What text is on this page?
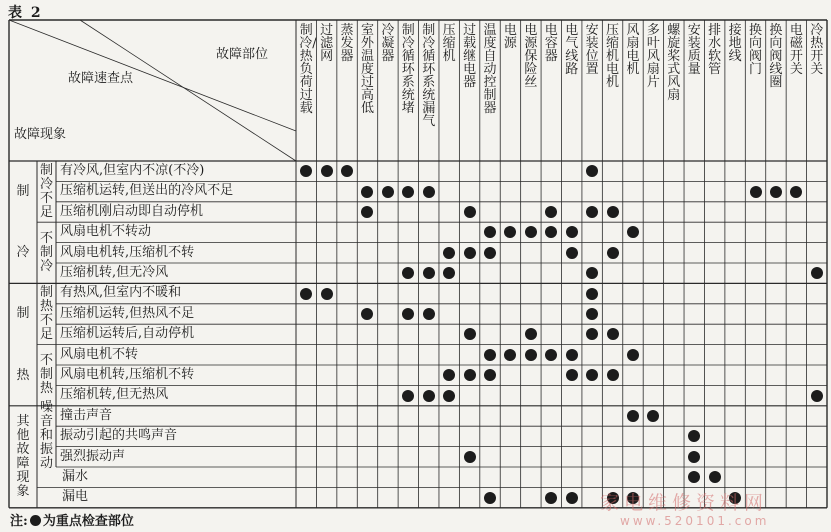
表 2
故障部位
故障速查点
故障现象
制冷/热负荷过载
过滤网
蒸发器
室外温度过高低
冷凝器
制冷循环系统堵
制冷循环系统漏气
压缩机
过载继电器
温度自动控制器
电源
电源保险丝
电容器
电气线路
安装位置
压缩机电机
风扇电机
多叶风扇片
螺旋桨式风扇
安装质量
排水软管
接地线
换向阀门
换向阀线圈
电磁开关
冷热开关
制冷
制热
其他故障现象
制冷不足
不制冷
制热不足
不制热
噪音和振动
有冷风,但室内不凉(不冷)
压缩机运转,但送出的冷风不足
压缩机刚启动即自动停机
风扇电机不转动
风扇电机转,压缩机不转
压缩机转,但无冷风
有热风,但室内不暖和
压缩机运转,但热风不足
压缩机运转后,自动停机
风扇电机不转
风扇电机转,压缩机不转
压缩机转,但无热风
撞击声音
振动引起的共鸣声音
强烈振动声
漏水
漏电
注: 为重点检查部位
家电维修资料网
www.520101.com
